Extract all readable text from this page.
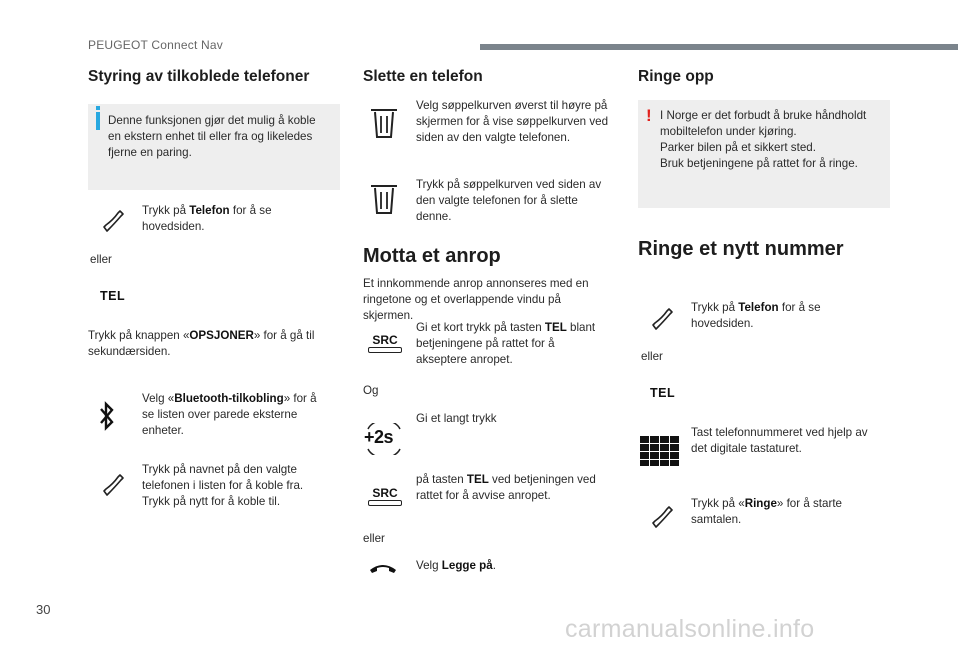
PEUGEOT Connect Nav
30
carmanualsonline.info
Styring av tilkoblede telefoner
Denne funksjonen gjør det mulig å koble en ekstern enhet til eller fra og likeledes fjerne en paring.
Trykk på Telefon for å se hovedsiden.
eller
TEL
Trykk på knappen «OPSJONER» for å gå til sekundærsiden.
Velg «Bluetooth-tilkobling» for å se listen over parede eksterne enheter.
Trykk på navnet på den valgte telefonen i listen for å koble fra. Trykk på nytt for å koble til.
Slette en telefon
Velg søppelkurven øverst til høyre på skjermen for å vise søppelkurven ved siden av den valgte telefonen.
Trykk på søppelkurven ved siden av den valgte telefonen for å slette denne.
Motta et anrop
Et innkommende anrop annonseres med en ringetone og et overlappende vindu på skjermen.
SRC
Gi et kort trykk på tasten TEL blant betjeningene på rattet for å akseptere anropet.
Og
+2s
Gi et langt trykk
SRC
på tasten TEL ved betjeningen ved rattet for å avvise anropet.
eller
Velg Legge på.
Ringe opp
! I Norge er det forbudt å bruke håndholdt mobiltelefon under kjøring.
Parker bilen på et sikkert sted.
Bruk betjeningene på rattet for å ringe.
Ringe et nytt nummer
Trykk på Telefon for å se hovedsiden.
eller
TEL
Tast telefonnummeret ved hjelp av det digitale tastaturet.
Trykk på «Ringe» for å starte samtalen.
